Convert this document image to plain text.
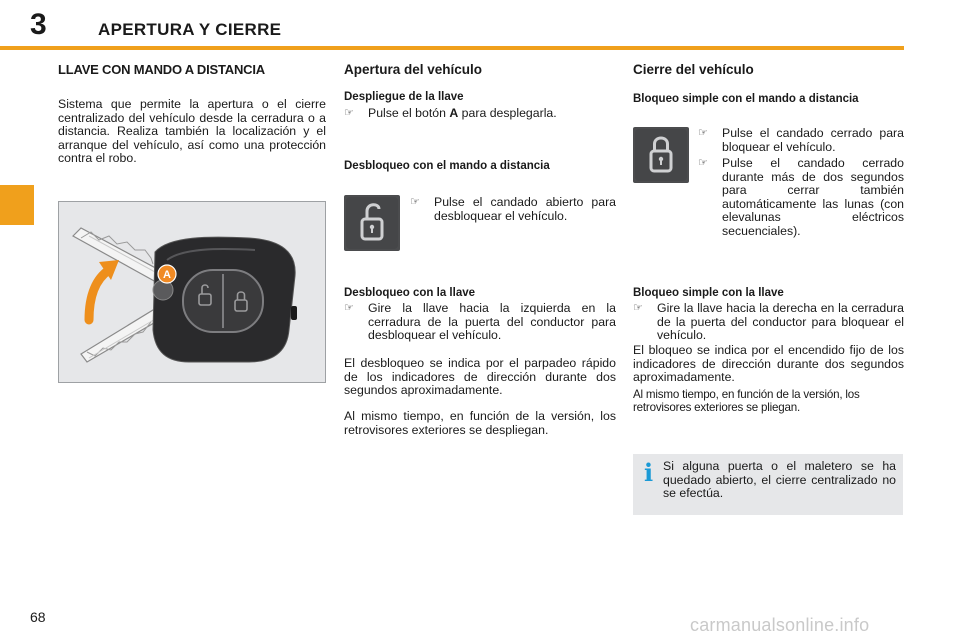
3	APERTURA Y CIERRE
LLAVE CON MANDO A DISTANCIA
Sistema que permite la apertura o el cierre centralizado del vehículo desde la cerradura o a distancia. Realiza también la localización y el arranque del vehículo, así como una protección contra el robo.
A
Apertura del vehículo
Despliegue de la llave
☞ Pulse el botón A para desplegarla.
Desbloqueo con el mando a distancia
☞ Pulse el candado abierto para desbloquear el vehículo.
Desbloqueo con la llave
☞ Gire la llave hacia la izquierda en la cerradura de la puerta del conductor para desbloquear el vehículo.
El desbloqueo se indica por el parpadeo rápido de los indicadores de dirección durante dos segundos aproximadamente.
Al mismo tiempo, en función de la versión, los retrovisores exteriores se despliegan.
Cierre del vehículo
Bloqueo simple con el mando a distancia
☞ Pulse el candado cerrado para bloquear el vehículo.
☞ Pulse el candado cerrado durante más de dos segundos para cerrar también automáticamente las lunas (con elevalunas eléctricos secuenciales).
Bloqueo simple con la llave
☞ Gire la llave hacia la derecha en la cerradura de la puerta del conductor para bloquear el vehículo.
El bloqueo se indica por el encendido fijo de los indicadores de dirección durante dos segundos aproximadamente.
Al mismo tiempo, en función de la versión, los retrovisores exteriores se pliegan.
i Si alguna puerta o el maletero se ha quedado abierto, el cierre centralizado no se efectúa.
68	carmanualsonline.info
